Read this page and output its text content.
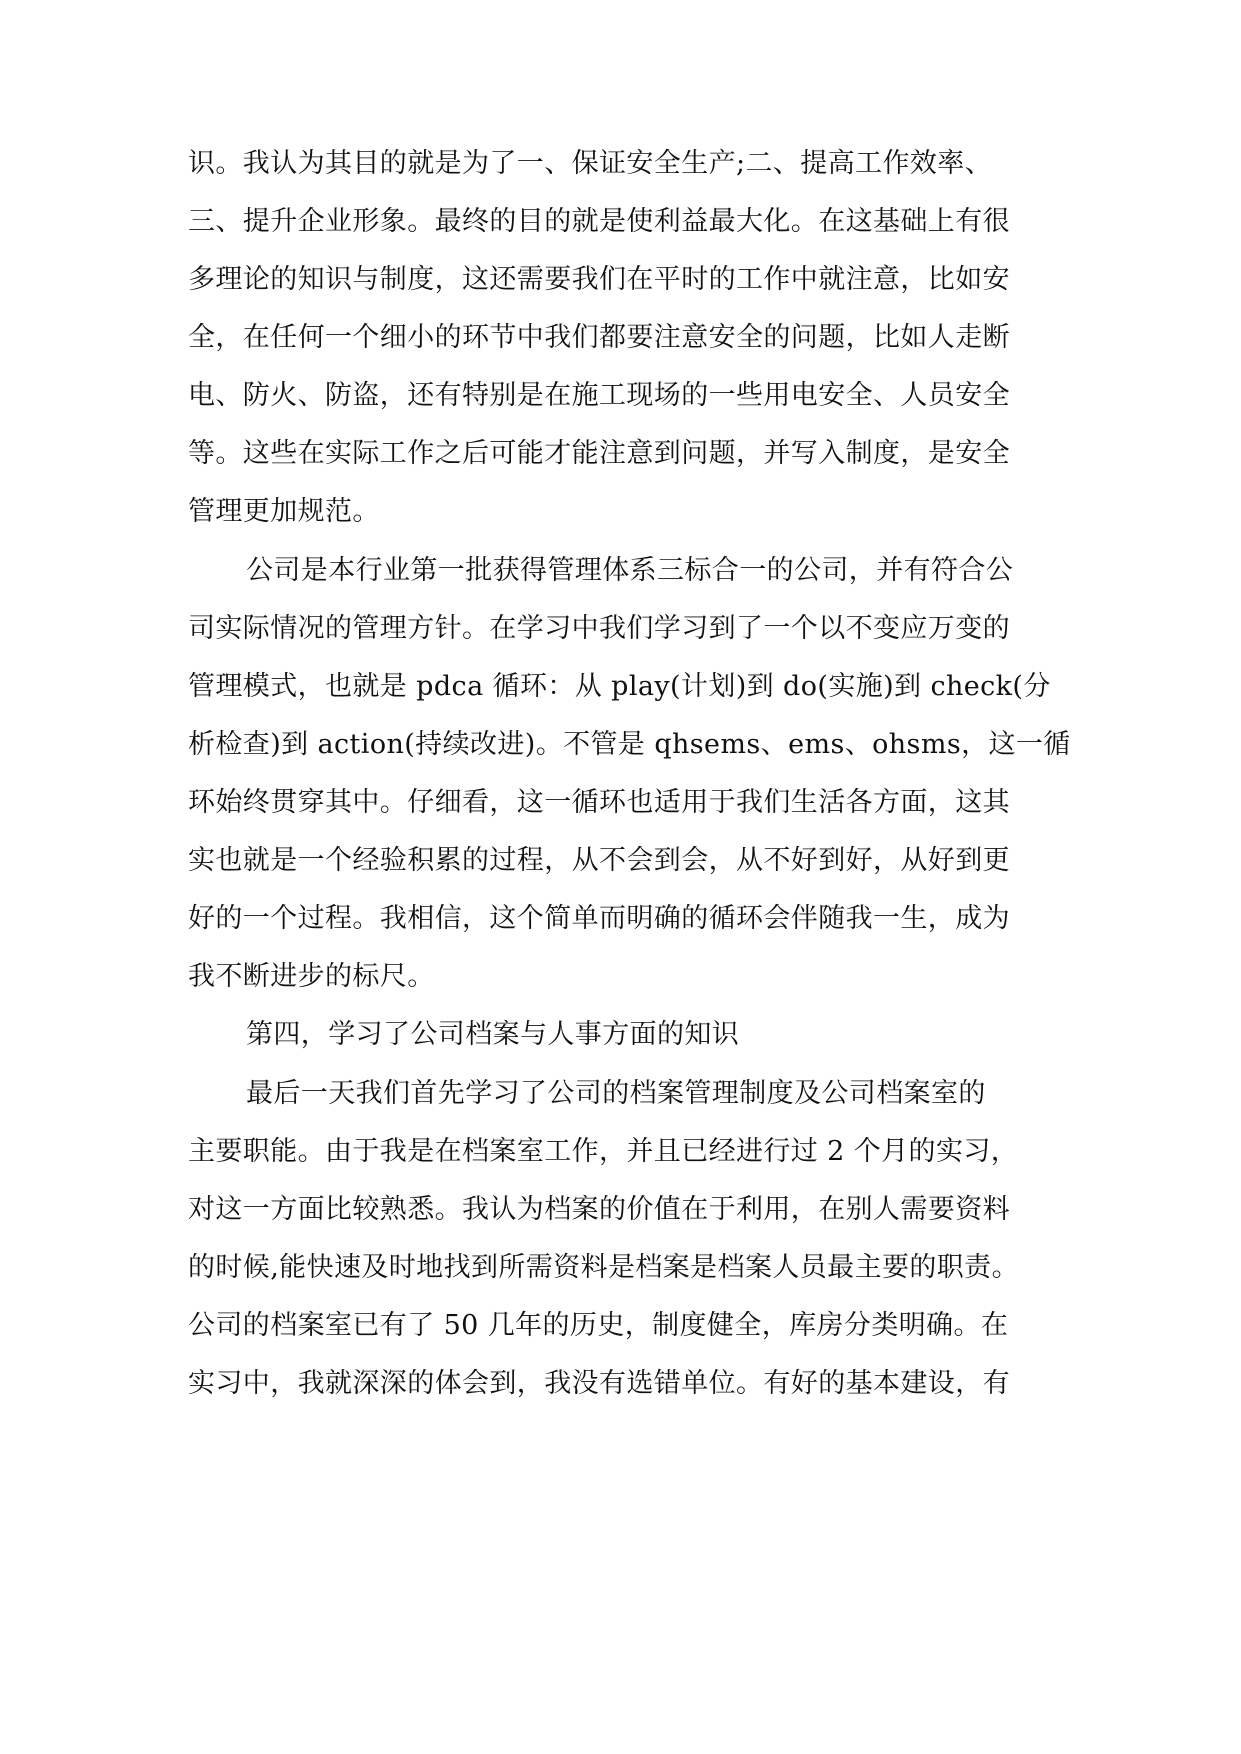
识。我认为其目的就是为了一、保证安全生产;二、提高工作效率、
三、提升企业形象。最终的目的就是使利益最大化。在这基础上有很
多理论的知识与制度，这还需要我们在平时的工作中就注意，比如安
全，在任何一个细小的环节中我们都要注意安全的问题，比如人走断
电、防火、防盗，还有特别是在施工现场的一些用电安全、人员安全
等。这些在实际工作之后可能才能注意到问题，并写入制度，是安全
管理更加规范。
公司是本行业第一批获得管理体系三标合一的公司，并有符合公
司实际情况的管理方针。在学习中我们学习到了一个以不变应万变的
管理模式，也就是 pdca 循环：从 play(计划)到 do(实施)到 check(分
析检查)到 action(持续改进)。不管是 qhsems、ems、ohsms，这一循
环始终贯穿其中。仔细看，这一循环也适用于我们生活各方面，这其
实也就是一个经验积累的过程，从不会到会，从不好到好，从好到更
好的一个过程。我相信，这个简单而明确的循环会伴随我一生，成为
我不断进步的标尺。
第四，学习了公司档案与人事方面的知识
最后一天我们首先学习了公司的档案管理制度及公司档案室的
主要职能。由于我是在档案室工作，并且已经进行过 2 个月的实习，
对这一方面比较熟悉。我认为档案的价值在于利用，在别人需要资料
的时候,能快速及时地找到所需资料是档案是档案人员最主要的职责。
公司的档案室已有了 50 几年的历史，制度健全，库房分类明确。在
实习中，我就深深的体会到，我没有选错单位。有好的基本建设，有
